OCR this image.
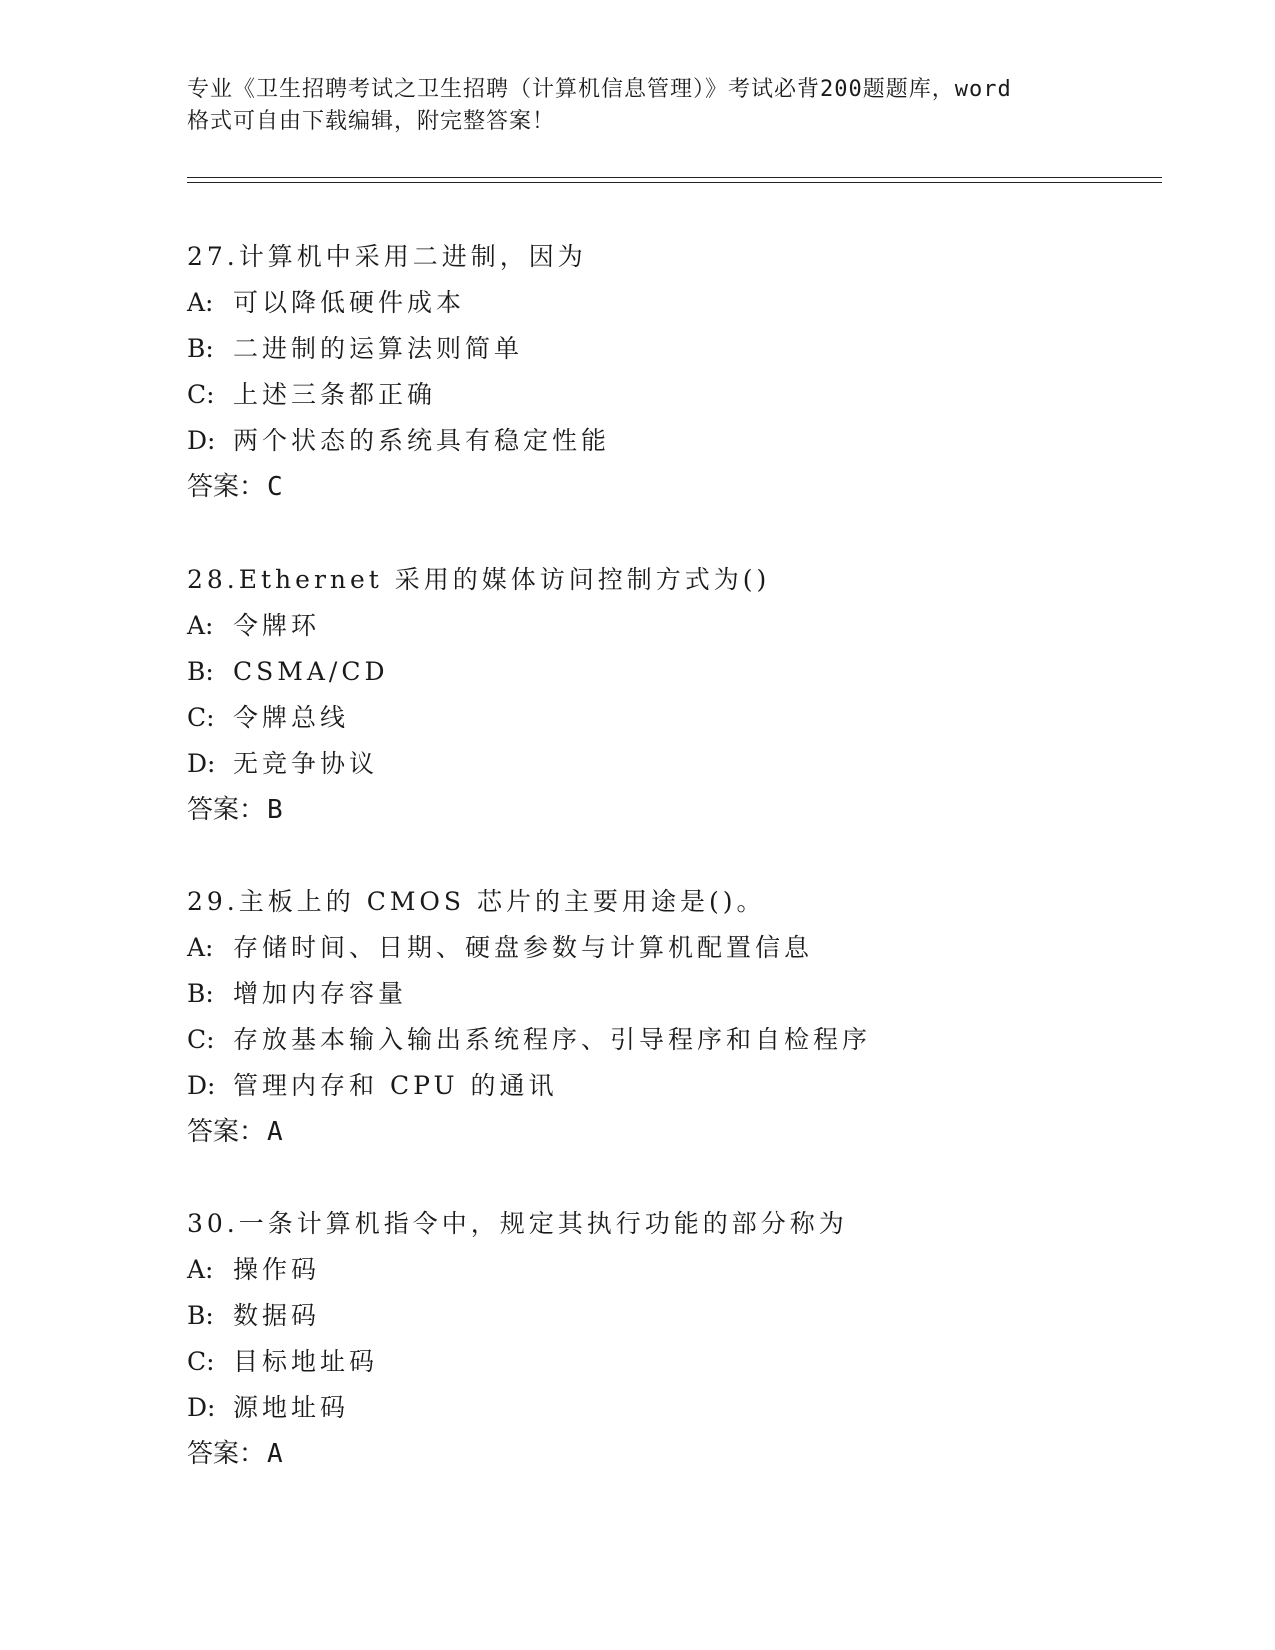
专业《卫生招聘考试之卫生招聘（计算机信息管理）》考试必背200题题库，word
格式可自由下载编辑，附完整答案！
27.计算机中采用二进制，因为
A: 可以降低硬件成本
B: 二进制的运算法则简单
C: 上述三条都正确
D: 两个状态的系统具有稳定性能
答案：C
28.Ethernet 采用的媒体访问控制方式为()
A: 令牌环
B: CSMA/CD
C: 令牌总线
D: 无竞争协议
答案：B
29.主板上的 CMOS 芯片的主要用途是()。
A: 存储时间、日期、硬盘参数与计算机配置信息
B: 增加内存容量
C: 存放基本输入输出系统程序、引导程序和自检程序
D: 管理内存和 CPU 的通讯
答案：A
30.一条计算机指令中，规定其执行功能的部分称为
A: 操作码
B: 数据码
C: 目标地址码
D: 源地址码
答案：A
